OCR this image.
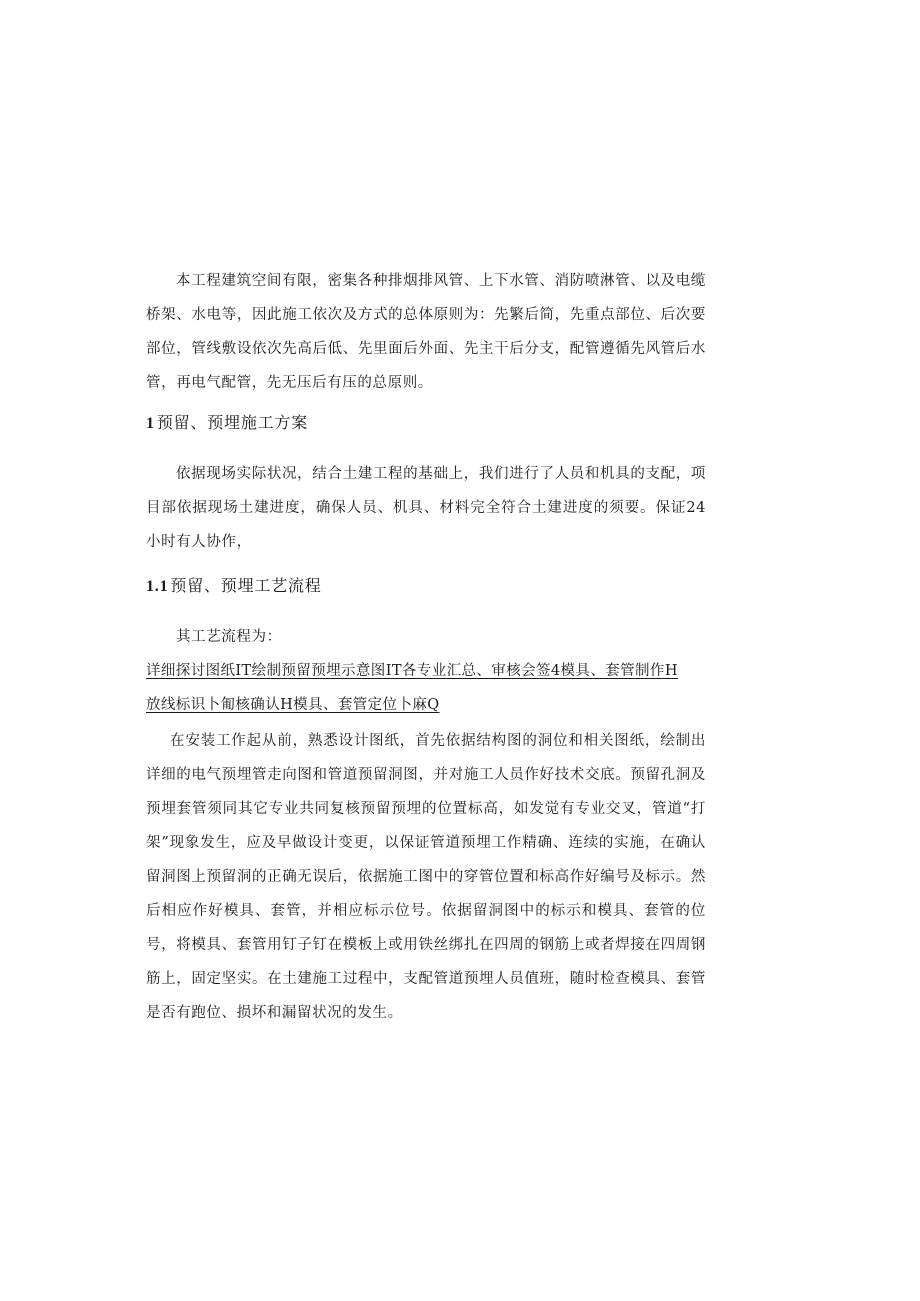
本工程建筑空间有限，密集各种排烟排风管、上下水管、消防喷淋管、以及电缆桥架、水电等，因此施工依次及方式的总体原则为：先繁后简，先重点部位、后次要部位，管线敷设依次先高后低、先里面后外面、先主干后分支，配管遵循先风管后水管，再电气配管，先无压后有压的总原则。

1 预留、预埋施工方案

依据现场实际状况，结合土建工程的基础上，我们进行了人员和机具的支配，项目部依据现场土建进度，确保人员、机具、材料完全符合土建进度的须要。保证24小时有人协作，

1.1 预留、预埋工艺流程

其工艺流程为：

详细探讨图纸IT绘制预留预埋示意图IT各专业汇总、审核会签4模具、套管制作H

放线标识卜匍核确认H模具、套管定位卜麻Q

在安装工作起从前，熟悉设计图纸，首先依据结构图的洞位和相关图纸，绘制出详细的电气预埋管走向图和管道预留洞图，并对施工人员作好技术交底。预留孔洞及预埋套管须同其它专业共同复核预留预埋的位置标高，如发觉有专业交叉，管道“打架”现象发生，应及早做设计变更，以保证管道预埋工作精确、连续的实施，在确认留洞图上预留洞的正确无误后，依据施工图中的穿管位置和标高作好编号及标示。然后相应作好模具、套管，并相应标示位号。依据留洞图中的标示和模具、套管的位号，将模具、套管用钉子钉在模板上或用铁丝绑扎在四周的钢筋上或者焊接在四周钢筋上，固定坚实。在土建施工过程中，支配管道预埋人员值班，随时检查模具、套管是否有跑位、损坏和漏留状况的发生。
